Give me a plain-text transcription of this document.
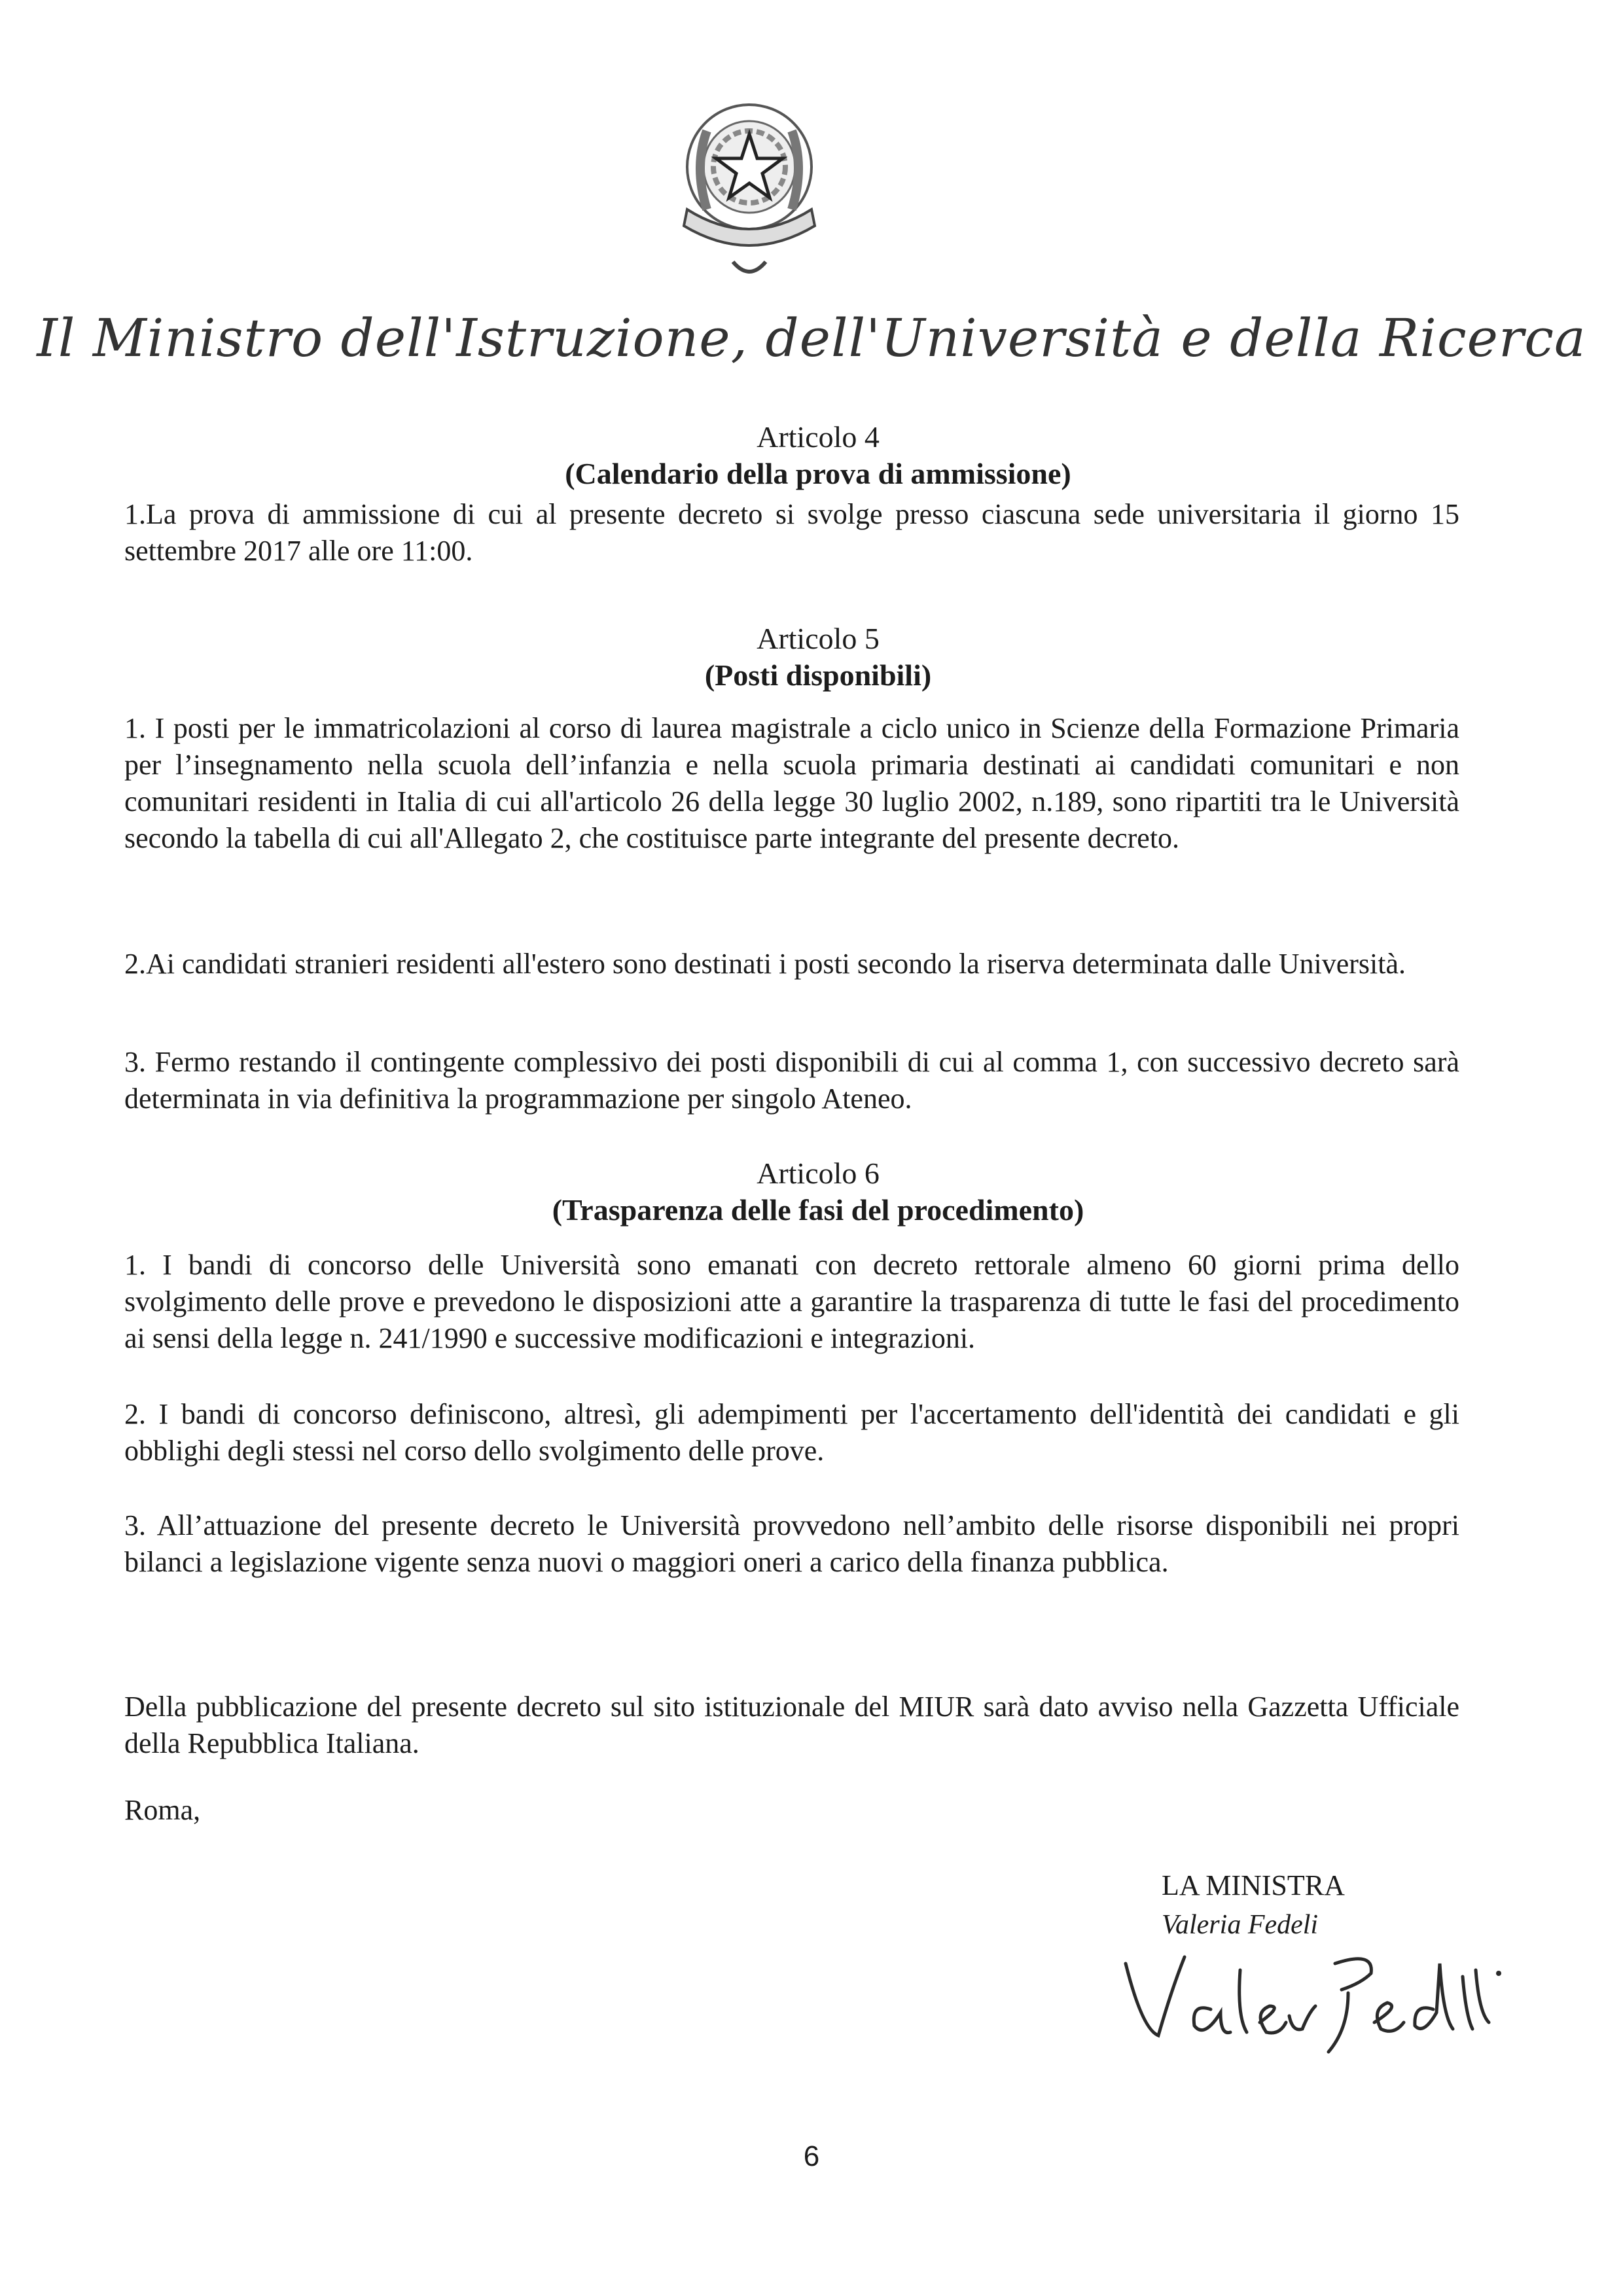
Il Ministro dell'Istruzione, dell'Università e della Ricerca
Articolo 4
(Calendario della prova di ammissione)

1.La prova di ammissione di cui al presente decreto si svolge presso ciascuna sede universitaria il giorno 15 settembre 2017 alle ore 11:00.

Articolo 5
(Posti disponibili)

1. I posti per le immatricolazioni al corso di laurea magistrale a ciclo unico in Scienze della Formazione Primaria per l’insegnamento nella scuola dell’infanzia e nella scuola primaria destinati ai candidati comunitari e non comunitari residenti in Italia di cui all'articolo 26 della legge 30 luglio 2002, n.189, sono ripartiti tra le Università secondo la tabella di cui all'Allegato 2, che costituisce parte integrante del presente decreto.

2.Ai candidati stranieri residenti all'estero sono destinati i posti secondo la riserva determinata dalle Università.

3. Fermo restando il contingente complessivo dei posti disponibili di cui al comma 1, con successivo decreto sarà determinata in via definitiva la programmazione per singolo Ateneo.

Articolo 6
(Trasparenza delle fasi del procedimento)

1. I bandi di concorso delle Università sono emanati con decreto rettorale almeno 60 giorni prima dello svolgimento delle prove e prevedono le disposizioni atte a garantire la trasparenza di tutte le fasi del procedimento ai sensi della legge n. 241/1990 e successive modificazioni e integrazioni.

2. I bandi di concorso definiscono, altresì, gli adempimenti per l'accertamento dell'identità dei candidati e gli obblighi degli stessi nel corso dello svolgimento delle prove.

3. All’attuazione del presente decreto le Università provvedono nell’ambito delle risorse disponibili nei propri bilanci a legislazione vigente senza nuovi o maggiori oneri a carico della finanza pubblica.

Della pubblicazione del presente decreto sul sito istituzionale del MIUR sarà dato avviso nella Gazzetta Ufficiale della Repubblica Italiana.

Roma,
LA MINISTRA
Valeria Fedeli
6
